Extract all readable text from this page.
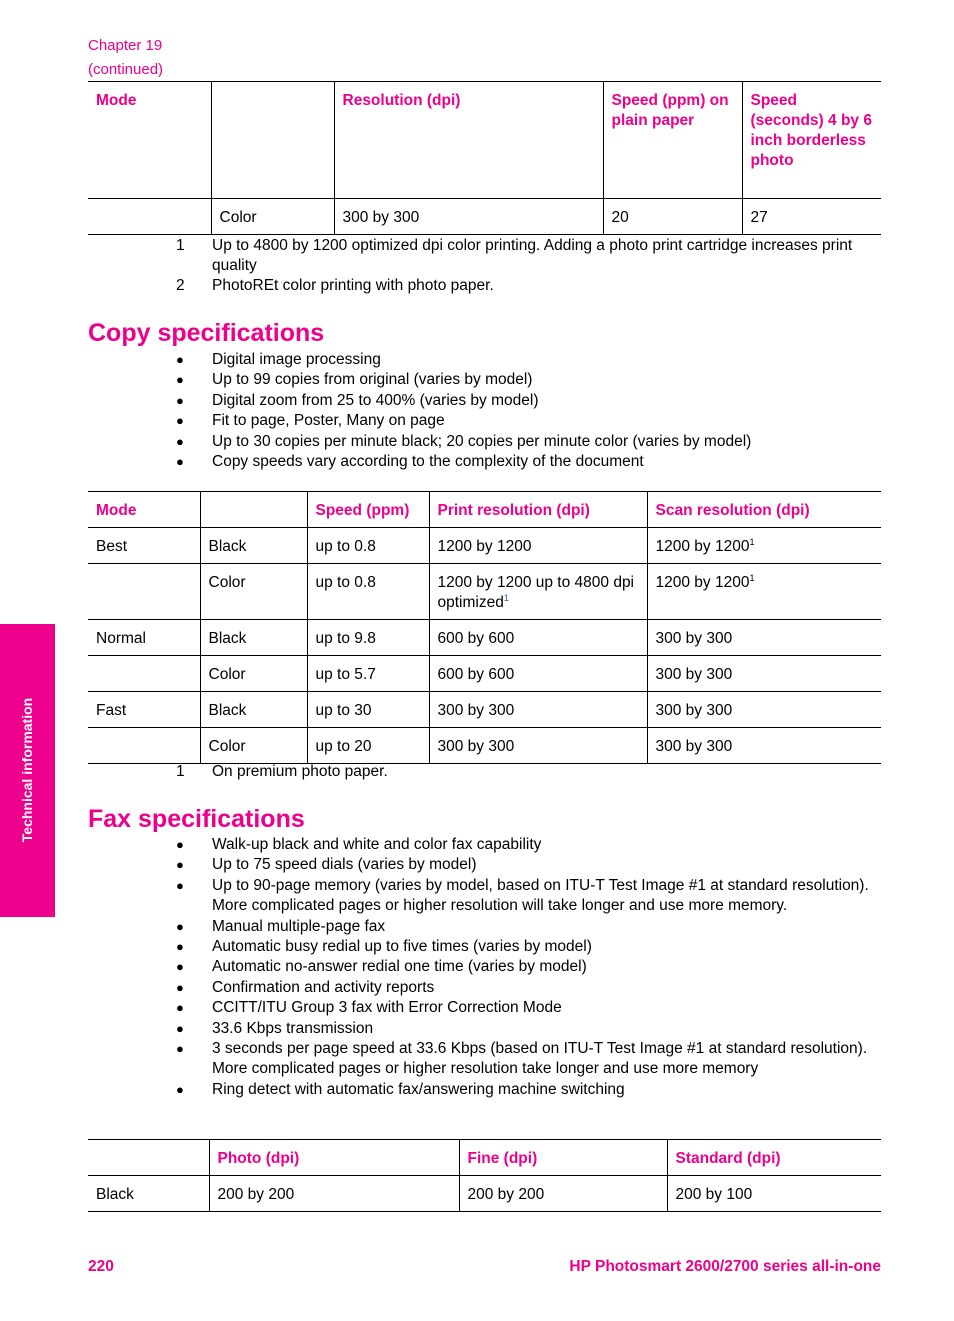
Chapter 19
(continued)
Mode		Resolution (dpi)	Speed (ppm) on plain paper	Speed (seconds) 4 by 6 inch borderless photo
	Color	300 by 300	20	27
1	Up to 4800 by 1200 optimized dpi color printing. Adding a photo print cartridge increases print quality
2	PhotoREt color printing with photo paper.
Copy specifications
●	Digital image processing
●	Up to 99 copies from original (varies by model)
●	Digital zoom from 25 to 400% (varies by model)
●	Fit to page, Poster, Many on page
●	Up to 30 copies per minute black; 20 copies per minute color (varies by model)
●	Copy speeds vary according to the complexity of the document
Mode		Speed (ppm)	Print resolution (dpi)	Scan resolution (dpi)
Best	Black	up to 0.8	1200 by 1200	1200 by 1200$^1$
	Color	up to 0.8	1200 by 1200 up to 4800 dpi optimized$^1$	1200 by 1200$^1$
Normal	Black	up to 9.8	600 by 600	300 by 300
	Color	up to 5.7	600 by 600	300 by 300
Fast	Black	up to 30	300 by 300	300 by 300
	Color	up to 20	300 by 300	300 by 300
1	On premium photo paper.
Fax specifications
●	Walk-up black and white and color fax capability
●	Up to 75 speed dials (varies by model)
●	Up to 90-page memory (varies by model, based on ITU-T Test Image #1 at standard resolution). More complicated pages or higher resolution will take longer and use more memory.
●	Manual multiple-page fax
●	Automatic busy redial up to five times (varies by model)
●	Automatic no-answer redial one time (varies by model)
●	Confirmation and activity reports
●	CCITT/ITU Group 3 fax with Error Correction Mode
●	33.6 Kbps transmission
●	3 seconds per page speed at 33.6 Kbps (based on ITU-T Test Image #1 at standard resolution). More complicated pages or higher resolution take longer and use more memory
●	Ring detect with automatic fax/answering machine switching
	Photo (dpi)	Fine (dpi)	Standard (dpi)
Black	200 by 200	200 by 200	200 by 100
Technical information
220	HP Photosmart 2600/2700 series all-in-one
